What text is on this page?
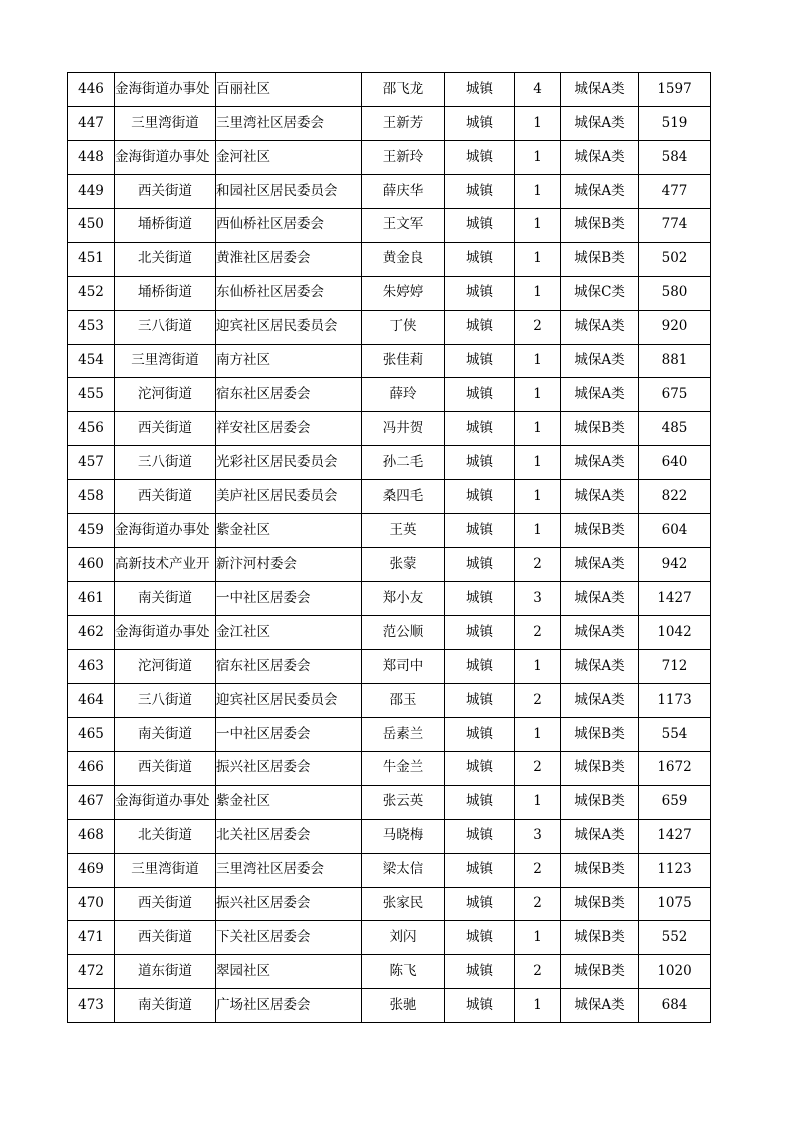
446	金海街道办事处	百丽社区	邵飞龙	城镇	4	城保A类	1597
447	三里湾街道	三里湾社区居委会	王新芳	城镇	1	城保A类	519
448	金海街道办事处	金河社区	王新玲	城镇	1	城保A类	584
449	西关街道	和园社区居民委员会	薛庆华	城镇	1	城保A类	477
450	埇桥街道	西仙桥社区居委会	王文军	城镇	1	城保B类	774
451	北关街道	黄淮社区居委会	黄金良	城镇	1	城保B类	502
452	埇桥街道	东仙桥社区居委会	朱婷婷	城镇	1	城保C类	580
453	三八街道	迎宾社区居民委员会	丁侠	城镇	2	城保A类	920
454	三里湾街道	南方社区	张佳莉	城镇	1	城保A类	881
455	沱河街道	宿东社区居委会	薛玲	城镇	1	城保A类	675
456	西关街道	祥安社区居委会	冯井贺	城镇	1	城保B类	485
457	三八街道	光彩社区居民委员会	孙二毛	城镇	1	城保A类	640
458	西关街道	美庐社区居民委员会	桑四毛	城镇	1	城保A类	822
459	金海街道办事处	紫金社区	王英	城镇	1	城保B类	604
460	高新技术产业开	新汴河村委会	张蒙	城镇	2	城保A类	942
461	南关街道	一中社区居委会	郑小友	城镇	3	城保A类	1427
462	金海街道办事处	金江社区	范公顺	城镇	2	城保A类	1042
463	沱河街道	宿东社区居委会	郑司中	城镇	1	城保A类	712
464	三八街道	迎宾社区居民委员会	邵玉	城镇	2	城保A类	1173
465	南关街道	一中社区居委会	岳素兰	城镇	1	城保B类	554
466	西关街道	振兴社区居委会	牛金兰	城镇	2	城保B类	1672
467	金海街道办事处	紫金社区	张云英	城镇	1	城保B类	659
468	北关街道	北关社区居委会	马晓梅	城镇	3	城保A类	1427
469	三里湾街道	三里湾社区居委会	梁太信	城镇	2	城保B类	1123
470	西关街道	振兴社区居委会	张家民	城镇	2	城保B类	1075
471	西关街道	下关社区居委会	刘闪	城镇	1	城保B类	552
472	道东街道	翠园社区	陈飞	城镇	2	城保B类	1020
473	南关街道	广场社区居委会	张驰	城镇	1	城保A类	684
